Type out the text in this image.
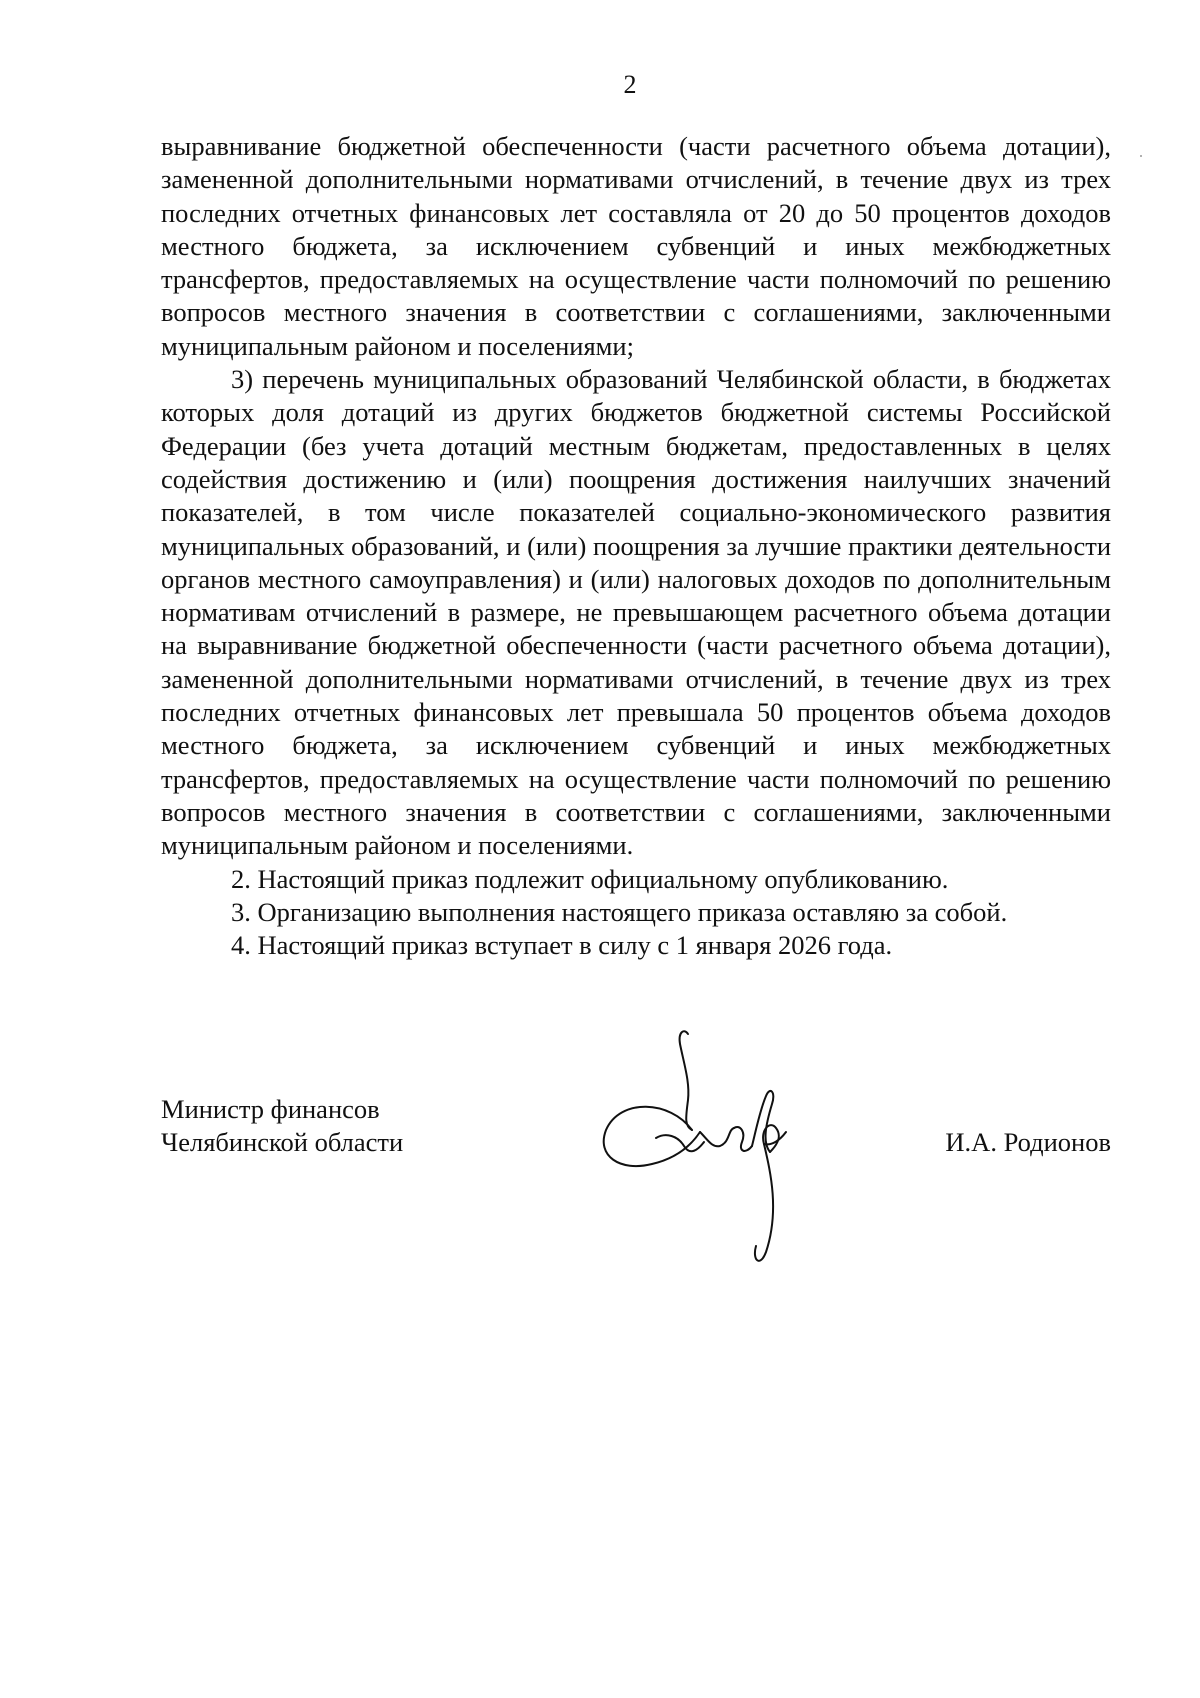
2

выравнивание бюджетной обеспеченности (части расчетного объема дотации), замененной дополнительными нормативами отчислений, в течение двух из трех последних отчетных финансовых лет составляла от 20 до 50 процентов доходов местного бюджета, за исключением субвенций и иных межбюджетных трансфертов, предоставляемых на осуществление части полномочий по решению вопросов местного значения в соответствии с соглашениями, заключенными муниципальным районом и поселениями;

3) перечень муниципальных образований Челябинской области, в бюджетах которых доля дотаций из других бюджетов бюджетной системы Российской Федерации (без учета дотаций местным бюджетам, предоставленных в целях содействия достижению и (или) поощрения достижения наилучших значений показателей, в том числе показателей социально-экономического развития муниципальных образований, и (или) поощрения за лучшие практики деятельности органов местного самоуправления) и (или) налоговых доходов по дополнительным нормативам отчислений в размере, не превышающем расчетного объема дотации на выравнивание бюджетной обеспеченности (части расчетного объема дотации), замененной дополнительными нормативами отчислений, в течение двух из трех последних отчетных финансовых лет превышала 50 процентов объема доходов местного бюджета, за исключением субвенций и иных межбюджетных трансфертов, предоставляемых на осуществление части полномочий по решению вопросов местного значения в соответствии с соглашениями, заключенными муниципальным районом и поселениями.

2. Настоящий приказ подлежит официальному опубликованию.

3. Организацию выполнения настоящего приказа оставляю за собой.

4. Настоящий приказ вступает в силу с 1 января 2026 года.

Министр финансов
Челябинской области	И.А. Родионов
